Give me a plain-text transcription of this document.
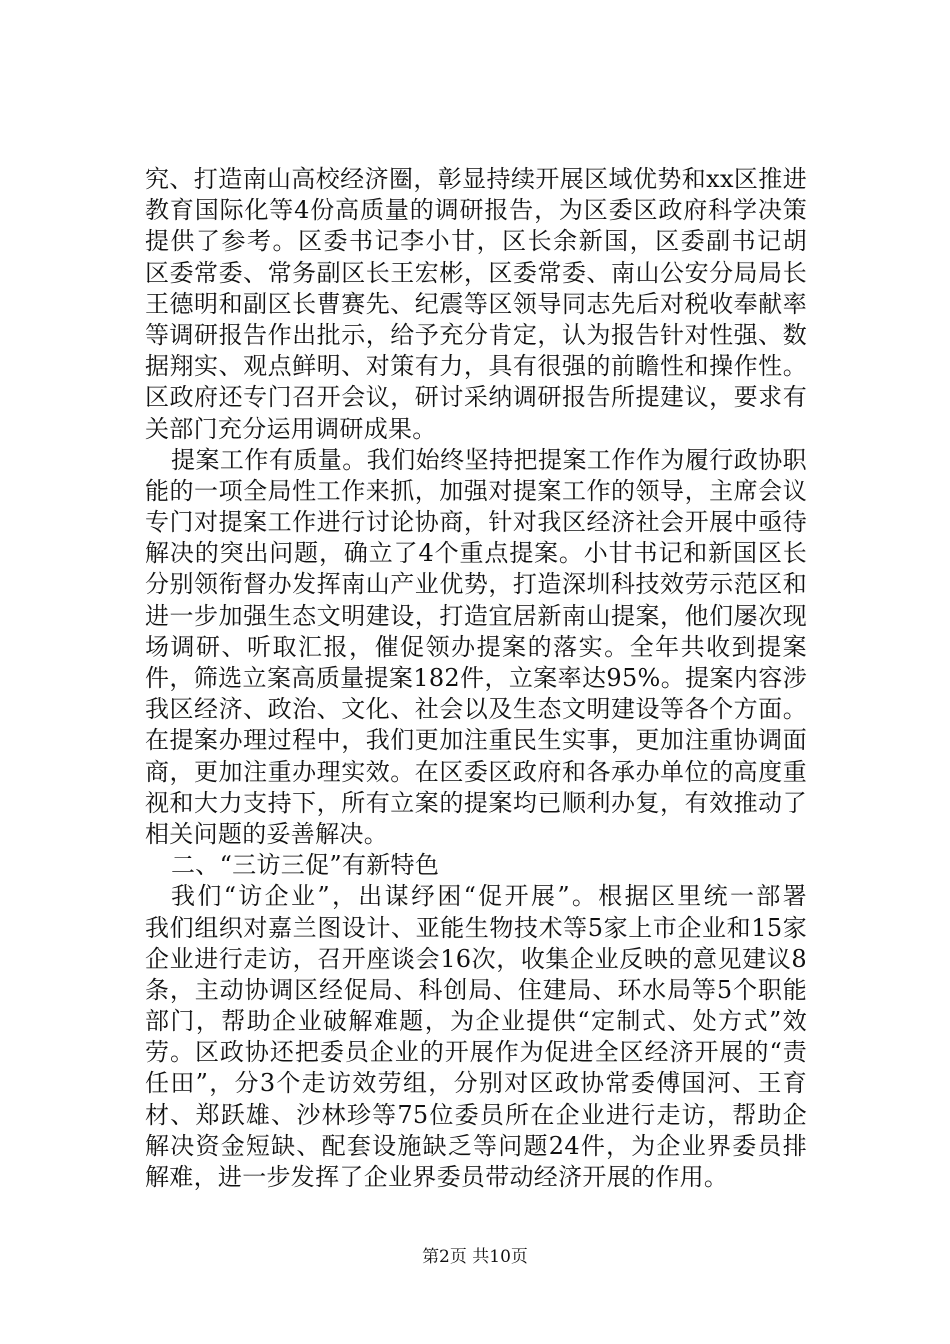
究、打造南山高校经济圈，彰显持续开展区域优势和xx区推进
教育国际化等4份高质量的调研报告，为区委区政府科学决策
提供了参考。区委书记李小甘，区长余新国，区委副书记胡
区委常委、常务副区长王宏彬，区委常委、南山公安分局局长
王德明和副区长曹赛先、纪震等区领导同志先后对税收奉献率
等调研报告作出批示，给予充分肯定，认为报告针对性强、数
据翔实、观点鲜明、对策有力，具有很强的前瞻性和操作性。
区政府还专门召开会议，研讨采纳调研报告所提建议，要求有
关部门充分运用调研成果。
提案工作有质量。我们始终坚持把提案工作作为履行政协职
能的一项全局性工作来抓，加强对提案工作的领导，主席会议
专门对提案工作进行讨论协商，针对我区经济社会开展中亟待
解决的突出问题，确立了4个重点提案。小甘书记和新国区长
分别领衔督办发挥南山产业优势，打造深圳科技效劳示范区和
进一步加强生态文明建设，打造宜居新南山提案，他们屡次现
场调研、听取汇报，催促领办提案的落实。全年共收到提案
件，筛选立案高质量提案182件，立案率达95%。提案内容涉
我区经济、政治、文化、社会以及生态文明建设等各个方面。
在提案办理过程中，我们更加注重民生实事，更加注重协调面
商，更加注重办理实效。在区委区政府和各承办单位的高度重
视和大力支持下，所有立案的提案均已顺利办复，有效推动了
相关问题的妥善解决。
二、“三访三促”有新特色
我们“访企业”，出谋纾困“促开展”。根据区里统一部署
我们组织对嘉兰图设计、亚能生物技术等5家上市企业和15家
企业进行走访，召开座谈会16次，收集企业反映的意见建议8
条，主动协调区经促局、科创局、住建局、环水局等5个职能
部门，帮助企业破解难题，为企业提供“定制式、处方式”效
劳。区政协还把委员企业的开展作为促进全区经济开展的“责
任田”，分3个走访效劳组，分别对区政协常委傅国河、王育
材、郑跃雄、沙林珍等75位委员所在企业进行走访，帮助企
解决资金短缺、配套设施缺乏等问题24件，为企业界委员排
解难，进一步发挥了企业界委员带动经济开展的作用。
第2页 共10页
